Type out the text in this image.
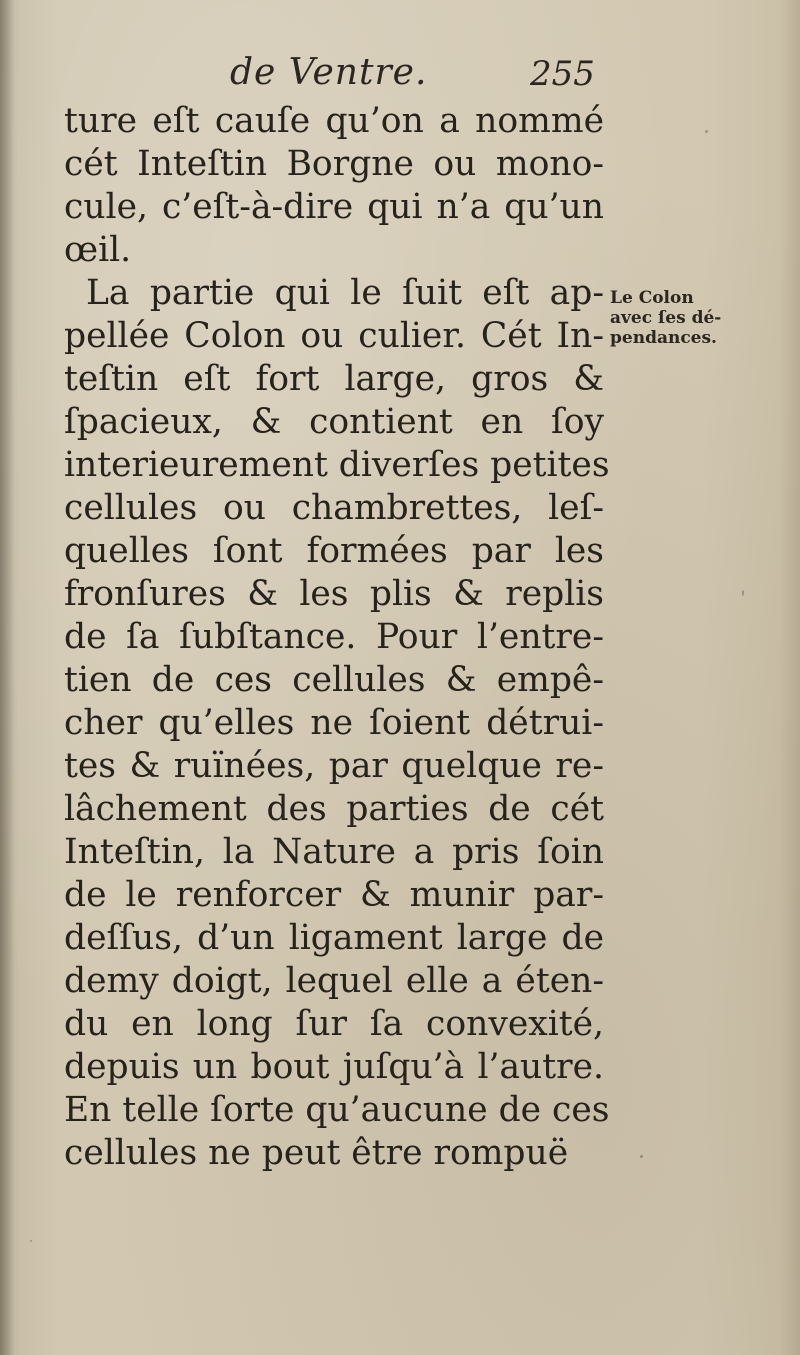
de Ventre.	255
ture eſt cauſe qu’on a nommé
cét Inteſtin Borgne ou mono-
cule, c’eſt-à-dire qui n’a qu’un
œil.
La partie qui le ſuit eſt ap-
pellée Colon ou culier. Cét In-
teſtin eſt fort large, gros &
ſpacieux, & contient en ſoy
interieurement diverſes petites
cellules ou chambrettes, leſ-
quelles ſont formées par les
fronſures & les plis & replis
de ſa ſubſtance. Pour l’entre-
tien de ces cellules & empê-
cher qu’elles ne ſoient détrui-
tes & ruïnées, par quelque re-
lâchement des parties de cét
Inteſtin, la Nature a pris ſoin
de le renforcer & munir par-
deſſus, d’un ligament large de
demy doigt, lequel elle a éten-
du en long ſur ſa convexité,
depuis un bout juſqu’à l’autre.
En telle ſorte qu’aucune de ces
cellules ne peut être rompuë
Le Colon
avec ſes dé-
pendances.
